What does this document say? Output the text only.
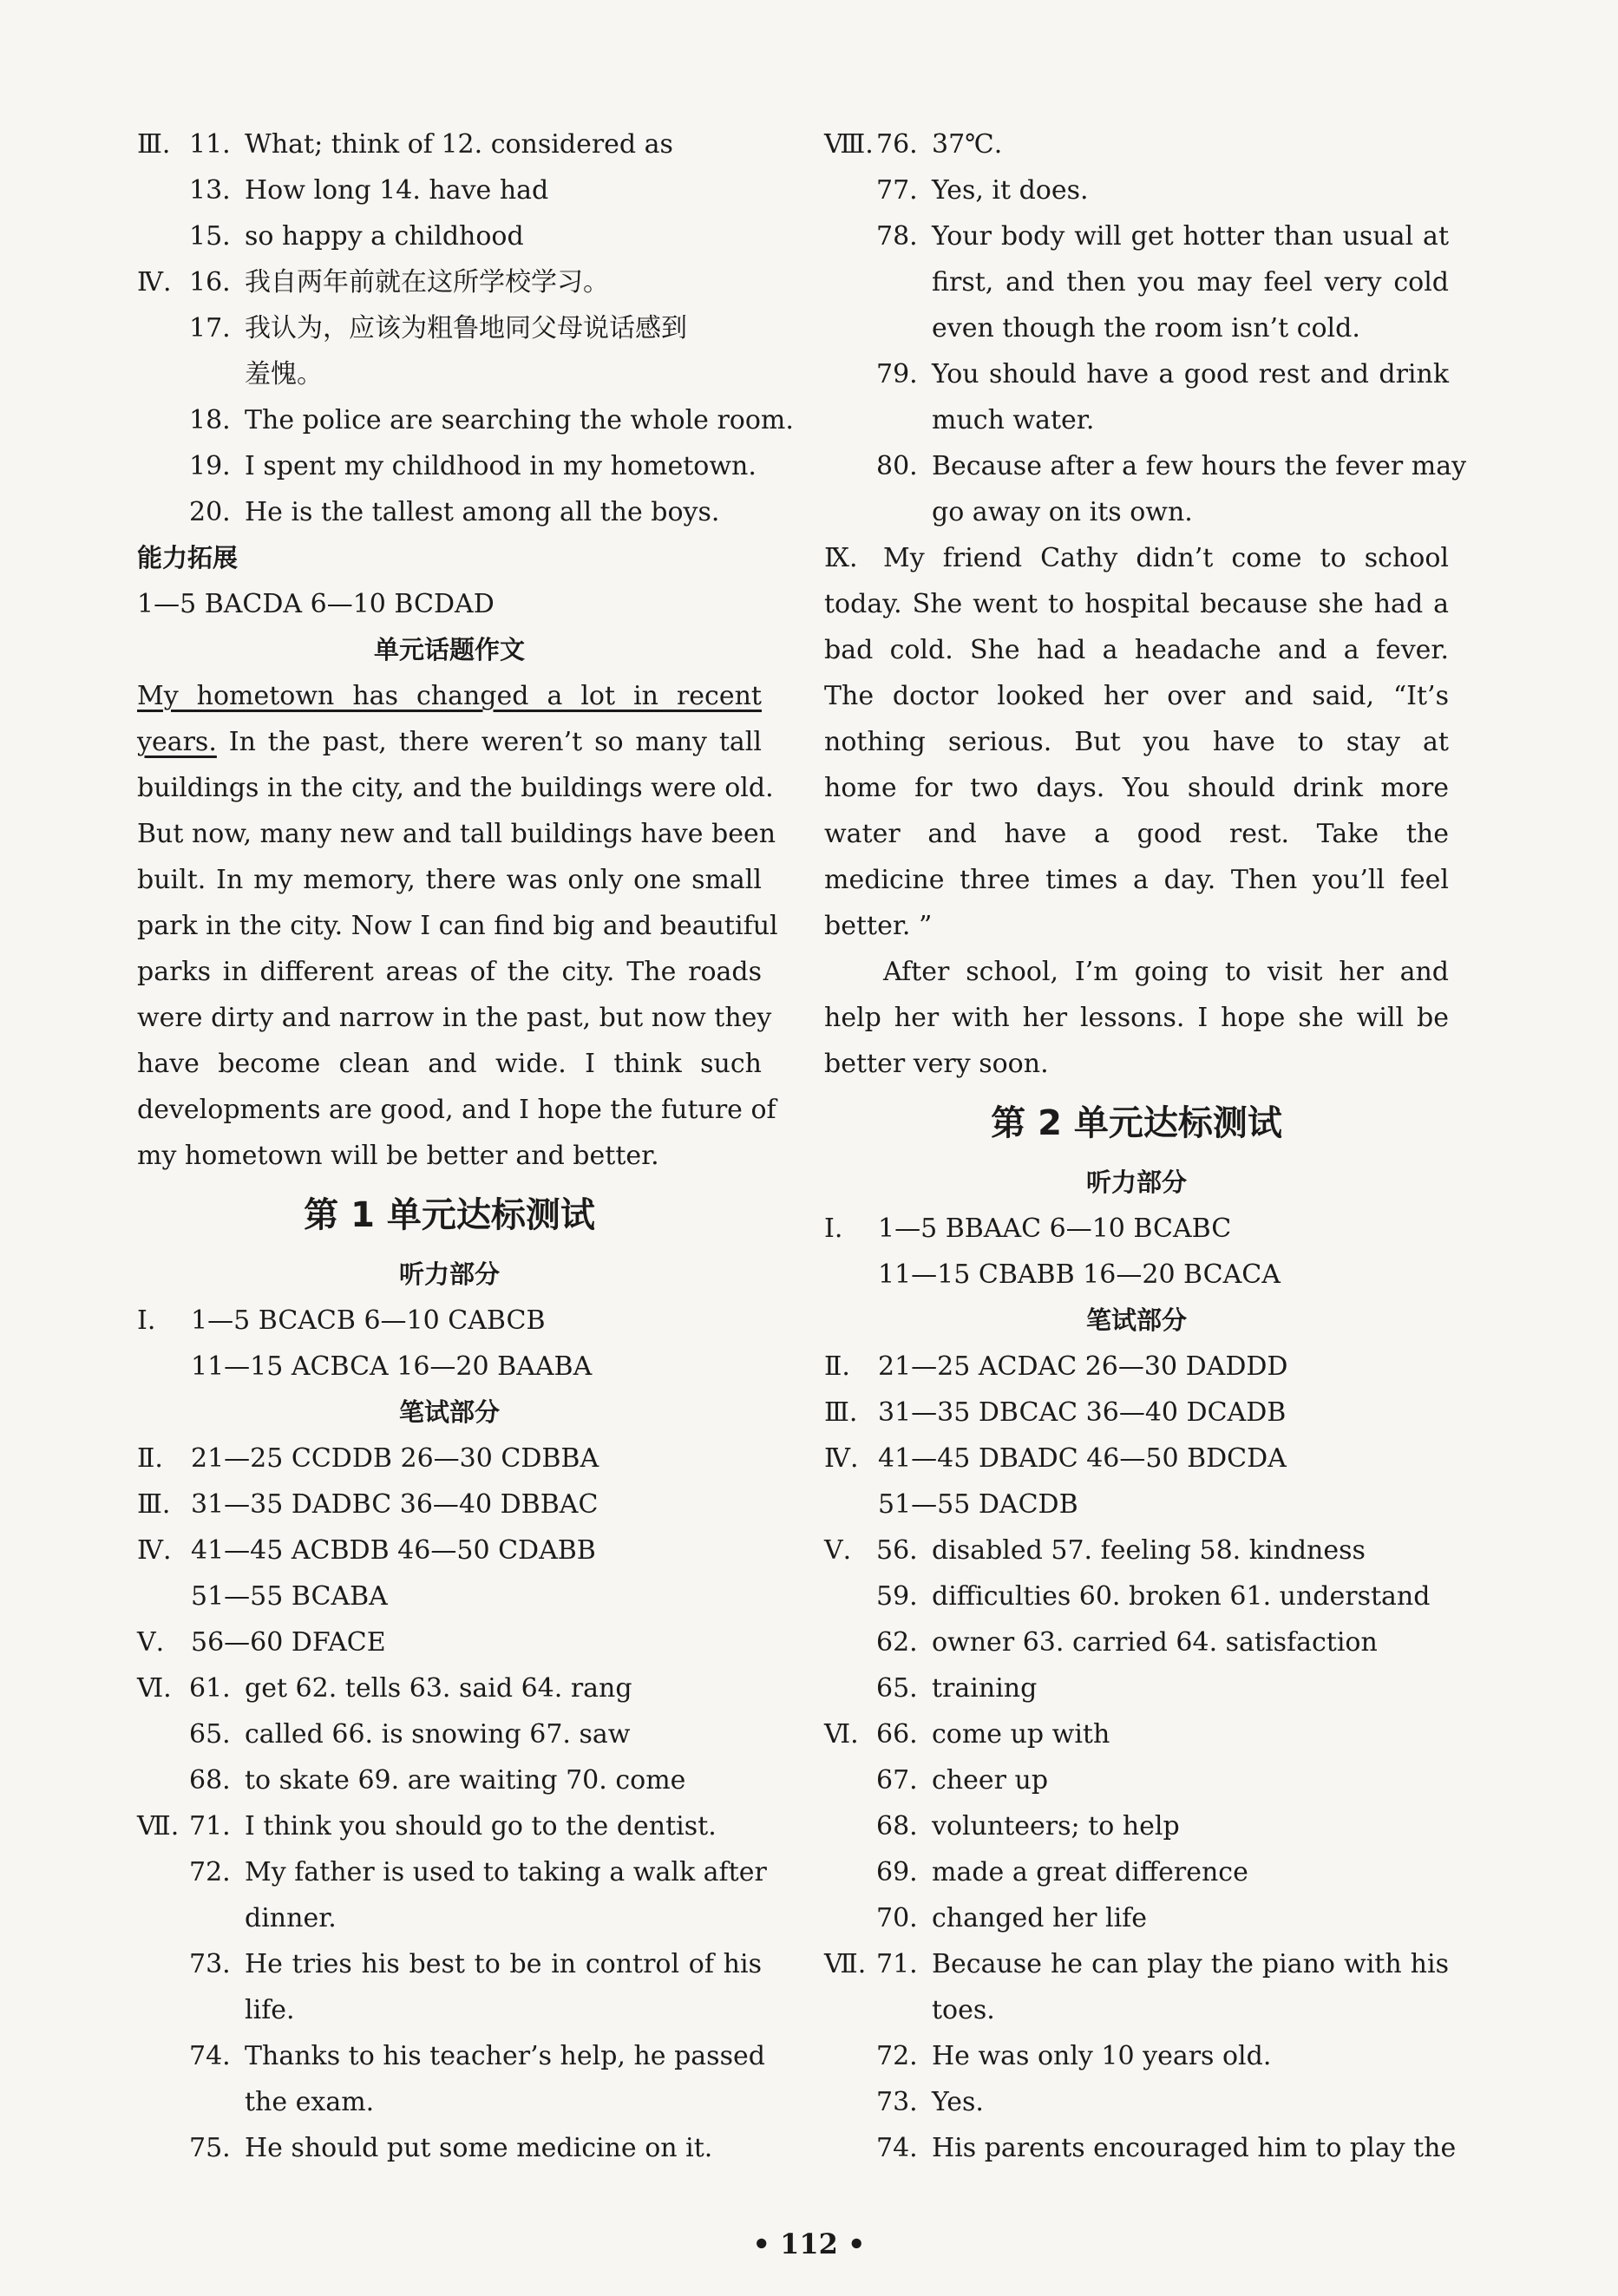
Ⅲ. 11. What; think of 12. considered as
13. How long 14. have had
15. so happy a childhood
Ⅳ. 16. 我自两年前就在这所学校学习。
17. 我认为，应该为粗鲁地同父母说话感到
羞愧。
18. The police are searching the whole room.
19. I spent my childhood in my hometown.
20. He is the tallest among all the boys.
能力拓展
1—5 BACDA 6—10 BCDAD
单元话题作文
My hometown has changed a lot in recent
years. In the past, there weren’t so many tall
buildings in the city, and the buildings were old.
But now, many new and tall buildings have been
built. In my memory, there was only one small
park in the city. Now I can find big and beautiful
parks in different areas of the city. The roads
were dirty and narrow in the past, but now they
have become clean and wide. I think such
developments are good, and I hope the future of
my hometown will be better and better.
第 1 单元达标测试
听力部分
Ⅰ. 1—5 BCACB 6—10 CABCB
11—15 ACBCA 16—20 BAABA
笔试部分
Ⅱ. 21—25 CCDDB 26—30 CDBBA
Ⅲ. 31—35 DADBC 36—40 DBBAC
Ⅳ. 41—45 ACBDB 46—50 CDABB
51—55 BCABA
Ⅴ. 56—60 DFACE
Ⅵ. 61. get 62. tells 63. said 64. rang
65. called 66. is snowing 67. saw
68. to skate 69. are waiting 70. come
Ⅶ. 71. I think you should go to the dentist.
72. My father is used to taking a walk after
dinner.
73. He tries his best to be in control of his
life.
74. Thanks to his teacher’s help, he passed
the exam.
75. He should put some medicine on it.
Ⅷ. 76. 37℃.
77. Yes, it does.
78. Your body will get hotter than usual at
first, and then you may feel very cold
even though the room isn’t cold.
79. You should have a good rest and drink
much water.
80. Because after a few hours the fever may
go away on its own.
Ⅸ. My friend Cathy didn’t come to school
today. She went to hospital because she had a
bad cold. She had a headache and a fever.
The doctor looked her over and said, “It’s
nothing serious. But you have to stay at
home for two days. You should drink more
water and have a good rest. Take the
medicine three times a day. Then you’ll feel
better. ”
After school, I’m going to visit her and
help her with her lessons. I hope she will be
better very soon.
第 2 单元达标测试
听力部分
Ⅰ. 1—5 BBAAC 6—10 BCABC
11—15 CBABB 16—20 BCACA
笔试部分
Ⅱ. 21—25 ACDAC 26—30 DADDD
Ⅲ. 31—35 DBCAC 36—40 DCADB
Ⅳ. 41—45 DBADC 46—50 BDCDA
51—55 DACDB
Ⅴ. 56. disabled 57. feeling 58. kindness
59. difficulties 60. broken 61. understand
62. owner 63. carried 64. satisfaction
65. training
Ⅵ. 66. come up with
67. cheer up
68. volunteers; to help
69. made a great difference
70. changed her life
Ⅶ. 71. Because he can play the piano with his
toes.
72. He was only 10 years old.
73. Yes.
74. His parents encouraged him to play the
• 112 •
